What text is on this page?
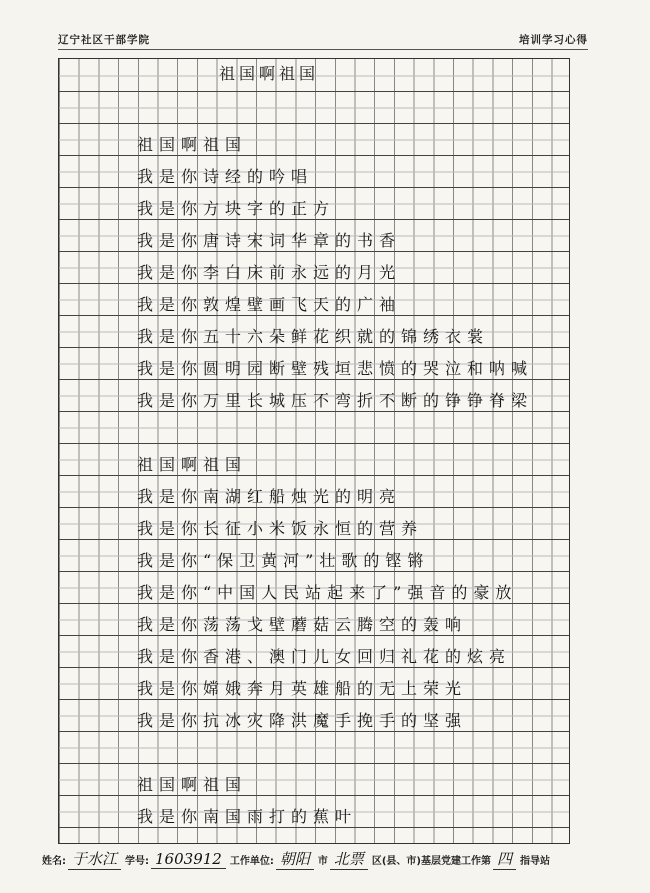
辽宁社区干部学院	培训学习心得
祖国啊祖国
祖国啊祖国
我是你诗经的吟唱
我是你方块字的正方
我是你唐诗宋词华章的书香
我是你李白床前永远的月光
我是你敦煌壁画飞天的广袖
我是你五十六朵鲜花织就的锦绣衣裳
我是你圆明园断壁残垣悲愤的哭泣和呐喊
我是你万里长城压不弯折不断的铮铮脊梁
祖国啊祖国
我是你南湖红船烛光的明亮
我是你长征小米饭永恒的营养
我是你“保卫黄河”壮歌的铿锵
我是你“中国人民站起来了”强音的豪放
我是你荡荡戈壁蘑菇云腾空的轰响
我是你香港、澳门儿女回归礼花的炫亮
我是你嫦娥奔月英雄船的无上荣光
我是你抗冰灾降洪魔手挽手的坚强
祖国啊祖国
我是你南国雨打的蕉叶
姓名: 于水江 学号: 1603912 工作单位: 朝阳 市 北票 区(县、市)基层党建工作第 四 指导站
